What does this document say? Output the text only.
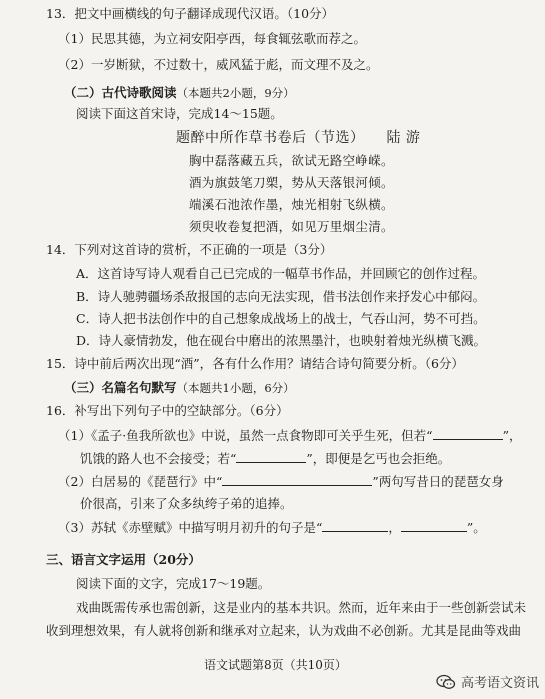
13．把文中画横线的句子翻译成现代汉语。（10分）
（1）民思其德，为立祠安阳亭西，每食辄弦歌而荐之。
（2）一岁断狱，不过数十，威风猛于彪，而文理不及之。
（二）古代诗歌阅读（本题共2小题，9分）
阅读下面这首宋诗，完成14～15题。
题醉中所作草书卷后（节选） 陆 游
胸中磊落藏五兵，欲试无路空峥嵘。
酒为旗鼓笔刀槊，势从天落银河倾。
端溪石池浓作墨，烛光相射飞纵横。
须臾收卷复把酒，如见万里烟尘清。
14．下列对这首诗的赏析，不正确的一项是（3分）
A．这首诗写诗人观看自己已完成的一幅草书作品，并回顾它的创作过程。
B．诗人驰骋疆场杀敌报国的志向无法实现，借书法创作来抒发心中郁闷。
C．诗人把书法创作中的自己想象成战场上的战士，气吞山河，势不可挡。
D．诗人豪情勃发，他在砚台中磨出的浓黑墨汁，也映射着烛光纵横飞溅。
15．诗中前后两次出现“酒”，各有什么作用？请结合诗句简要分析。（6分）
（三）名篇名句默写（本题共1小题，6分）
16．补写出下列句子中的空缺部分。（6分）
（1）《孟子·鱼我所欲也》中说，虽然一点食物即可关乎生死，但若“	”，
饥饿的路人也不会接受；若“	”，即便是乞丐也会拒绝。
（2）白居易的《琵琶行》中“	”两句写昔日的琵琶女身
价很高，引来了众多纨绔子弟的追捧。
（3）苏轼《赤壁赋》中描写明月初升的句子是“	，	”。
三、语言文字运用（20分）
阅读下面的文字，完成17～19题。
戏曲既需传承也需创新，这是业内的基本共识。然而，近年来由于一些创新尝试未
收到理想效果，有人就将创新和继承对立起来，认为戏曲不必创新。尤其是昆曲等戏曲
语文试题第8页（共10页）
高考语文资讯
